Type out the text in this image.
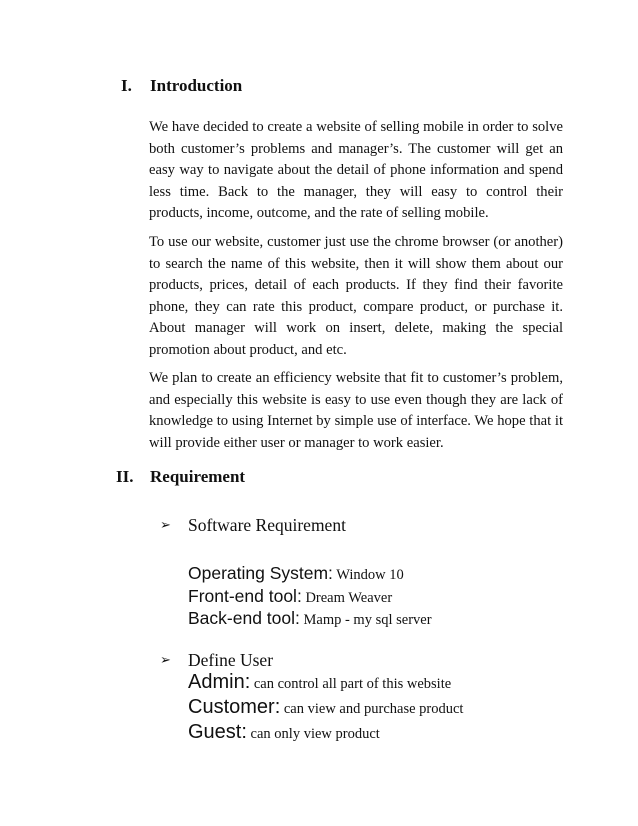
I. Introduction

We have decided to create a website of selling mobile in order to solve both customer’s problems and manager’s. The customer will get an easy way to navigate about the detail of phone information and spend less time. Back to the manager, they will easy to control their products, income, outcome, and the rate of selling mobile.

To use our website, customer just use the chrome browser (or another) to search the name of this website, then it will show them about our products, prices, detail of each products. If they find their favorite phone, they can rate this product, compare product, or purchase it. About manager will work on insert, delete, making the special promotion about product, and etc.

We plan to create an efficiency website that fit to customer’s problem, and especially this website is easy to use even though they are lack of knowledge to using Internet by simple use of interface. We hope that it will provide either user or manager to work easier.

II. Requirement
➢ Software Requirement
Operating System: Window 10
Front-end tool: Dream Weaver
Back-end tool: Mamp - my sql server
➢ Define User
Admin: can control all part of this website
Customer: can view and purchase product
Guest: can only view product
